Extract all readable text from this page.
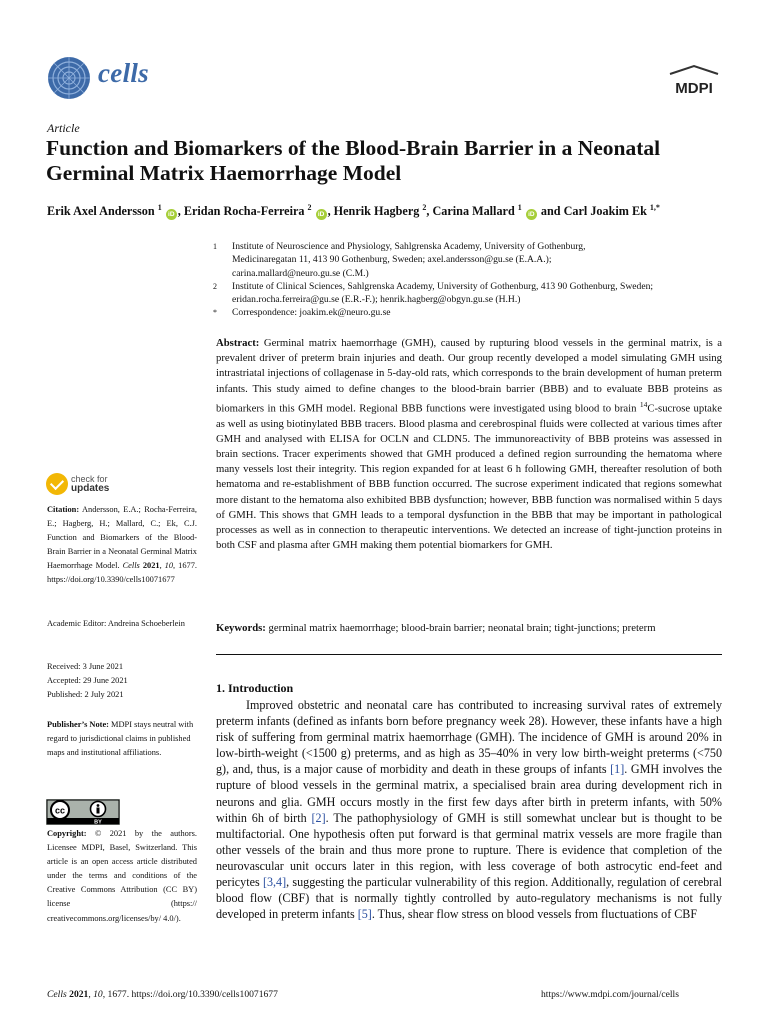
cells
MDPI
Article
Function and Biomarkers of the Blood-Brain Barrier in a Neonatal Germinal Matrix Haemorrhage Model
Erik Axel Andersson $^1$ iD , Eridan Rocha-Ferreira $^2$ iD , Henrik Hagberg $^2$, Carina Mallard $^1$ iD and Carl Joakim Ek $^{1,*}$
1	Institute of Neuroscience and Physiology, Sahlgrenska Academy, University of Gothenburg,
Medicinaregatan 11, 413 90 Gothenburg, Sweden; axel.andersson@gu.se (E.A.A.);
carina.mallard@neuro.gu.se (C.M.)
2	Institute of Clinical Sciences, Sahlgrenska Academy, University of Gothenburg, 413 90 Gothenburg, Sweden;
eridan.rocha.ferreira@gu.se (E.R.-F.); henrik.hagberg@obgyn.gu.se (H.H.)
*	Correspondence: joakim.ek@neuro.gu.se
Abstract: Germinal matrix haemorrhage (GMH), caused by rupturing blood vessels in the germinal matrix, is a prevalent driver of preterm brain injuries and death. Our group recently developed a model simulating GMH using intrastriatal injections of collagenase in 5-day-old rats, which corresponds to the brain development of human preterm infants. This study aimed to define changes to the blood-brain barrier (BBB) and to evaluate BBB proteins as biomarkers in this GMH model. Regional BBB functions were investigated using blood to brain $^{14}$C-sucrose uptake as well as using biotinylated BBB tracers. Blood plasma and cerebrospinal fluids were collected at various times after GMH and analysed with ELISA for OCLN and CLDN5. The immunoreactivity of BBB proteins was assessed in brain sections. Tracer experiments showed that GMH produced a defined region surrounding the hematoma where many vessels lost their integrity. This region expanded for at least 6 h following GMH, thereafter resolution of both hematoma and re-establishment of BBB function occurred. The sucrose experiment indicated that regions somewhat more distant to the hematoma also exhibited BBB dysfunction; however, BBB function was normalised within 5 days of GMH. This shows that GMH leads to a temporal dysfunction in the BBB that may be important in pathological processes as well as in connection to therapeutic interventions. We detected an increase of tight-junction proteins in both CSF and plasma after GMH making them potential biomarkers for GMH.
Keywords: germinal matrix haemorrhage; blood-brain barrier; neonatal brain; tight-junctions; preterm
check for
updates
Citation: Andersson, E.A.; Rocha-Ferreira, E.; Hagberg, H.; Mallard, C.; Ek, C.J. Function and Biomarkers of the Blood-Brain Barrier in a Neonatal Germinal Matrix Haemorrhage Model. Cells 2021, 10, 1677. https://doi.org/10.3390/cells10071677
Academic Editor: Andreina Schoeberlein
Received: 3 June 2021
Accepted: 29 June 2021
Published: 2 July 2021
Publisher’s Note: MDPI stays neutral with regard to jurisdictional claims in published maps and institutional affiliations.
cc
BY
Copyright: © 2021 by the authors. Licensee MDPI, Basel, Switzerland. This article is an open access article distributed under the terms and conditions of the Creative Commons Attribution (CC BY) license (https:// creativecommons.org/licenses/by/ 4.0/).
1. Introduction
Improved obstetric and neonatal care has contributed to increasing survival rates of extremely preterm infants (defined as infants born before pregnancy week 28). However, these infants have a high risk of suffering from germinal matrix haemorrhage (GMH). The incidence of GMH is around 20% in low-birth-weight (<1500 g) preterms, and as high as 35–40% in very low birth-weight preterms (<750 g), and, thus, is a major cause of morbidity and death in these groups of infants [1]. GMH involves the rupture of blood vessels in the germinal matrix, a specialised brain area during development rich in neurons and glia. GMH occurs mostly in the first few days after birth in preterm infants, with 50% within 6h of birth [2]. The pathophysiology of GMH is still somewhat unclear but is thought to be multifactorial. One hypothesis often put forward is that germinal matrix vessels are more fragile than other vessels of the brain and thus more prone to rupture. There is evidence that completion of the neurovascular unit occurs later in this region, with less coverage of both astrocytic end-feet and pericytes [3,4], suggesting the particular vulnerability of this region. Additionally, regulation of cerebral blood flow (CBF) that is normally tightly controlled by auto-regulatory mechanisms is not fully developed in preterm infants [5]. Thus, shear flow stress on blood vessels from fluctuations of CBF
Cells 2021, 10, 1677. https://doi.org/10.3390/cells10071677	https://www.mdpi.com/journal/cells
